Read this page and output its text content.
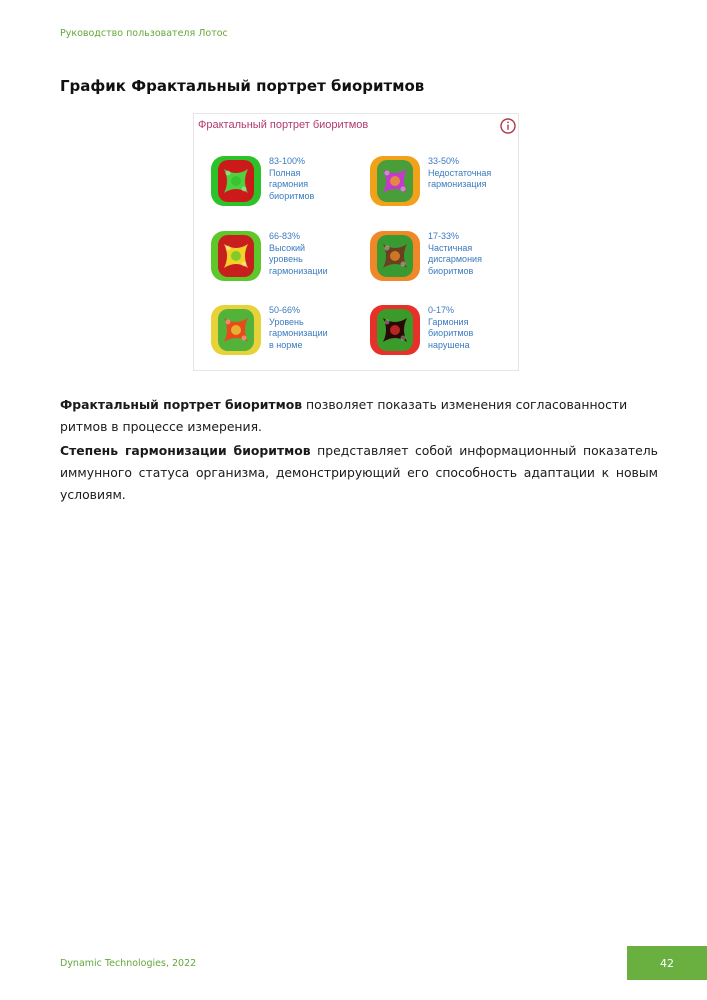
Руководство пользователя Лотос
График Фрактальный портрет биоритмов
Фрактальный портрет биоритмов
83-100%
Полная
гармония
биоритмов
33-50%
Недостаточная
гармонизация
66-83%
Высокий
уровень
гармонизации
17-33%
Частичная
дисгармония
биоритмов
50-66%
Уровень
гармонизации
в норме
0-17%
Гармония
биоритмов
нарушена

Фрактальный портрет биоритмов позволяет показать изменения согласованности ритмов в процессе измерения.

Степень гармонизации биоритмов представляет собой информационный показатель иммунного статуса организма, демонстрирующий его способность адаптации к новым условиям.

Dynamic Technologies, 2022	42
